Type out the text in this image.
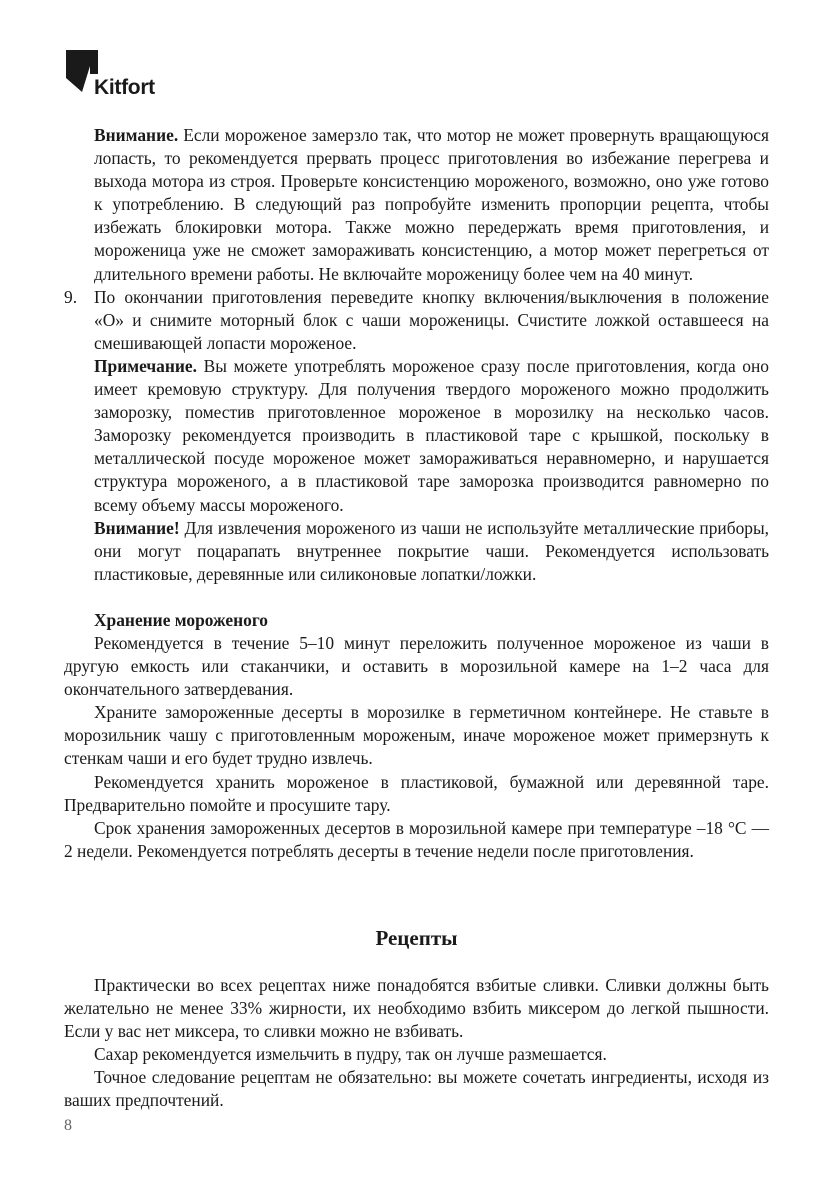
Kitfort

Внимание. Если мороженое замерзло так, что мотор не может провернуть вращающуюся лопасть, то рекомендуется прервать процесс приготовления во избежание перегрева и выхода мотора из строя. Проверьте консистенцию мороженого, возможно, оно уже готово к употреблению. В следующий раз попробуйте изменить пропорции рецепта, чтобы избежать блокировки мотора. Также можно передержать время приготовления, и мороженица уже не сможет замораживать консистенцию, а мотор может перегреться от длительного времени работы. Не включайте мороженицу более чем на 40 минут.

9. По окончании приготовления переведите кнопку включения/выключения в положение «O» и снимите моторный блок с чаши мороженицы. Счистите ложкой оставшееся на смешивающей лопасти мороженое.

Примечание. Вы можете употреблять мороженое сразу после приготовления, когда оно имеет кремовую структуру. Для получения твердого мороженого можно продолжить заморозку, поместив приготовленное мороженое в морозилку на несколько часов. Заморозку рекомендуется производить в пластиковой таре с крышкой, поскольку в металлической посуде мороженое может замораживаться неравномерно, и нарушается структура мороженого, а в пластиковой таре заморозка производится равномерно по всему объему массы мороженого.

Внимание! Для извлечения мороженого из чаши не используйте металлические приборы, они могут поцарапать внутреннее покрытие чаши. Рекомендуется использовать пластиковые, деревянные или силиконовые лопатки/ложки.

Хранение мороженого

Рекомендуется в течение 5–10 минут переложить полученное мороженое из чаши в другую емкость или стаканчики, и оставить в морозильной камере на 1–2 часа для окончательного затвердевания.

Храните замороженные десерты в морозилке в герметичном контейнере. Не ставьте в морозильник чашу с приготовленным мороженым, иначе мороженое может примерзнуть к стенкам чаши и его будет трудно извлечь.

Рекомендуется хранить мороженое в пластиковой, бумажной или деревянной таре. Предварительно помойте и просушите тару.

Срок хранения замороженных десертов в морозильной камере при температуре –18 °C — 2 недели. Рекомендуется потреблять десерты в течение недели после приготовления.

Рецепты

Практически во всех рецептах ниже понадобятся взбитые сливки. Сливки должны быть желательно не менее 33% жирности, их необходимо взбить миксером до легкой пышности. Если у вас нет миксера, то сливки можно не взбивать.

Сахар рекомендуется измельчить в пудру, так он лучше размешается.

Точное следование рецептам не обязательно: вы можете сочетать ингредиенты, исходя из ваших предпочтений.

8
